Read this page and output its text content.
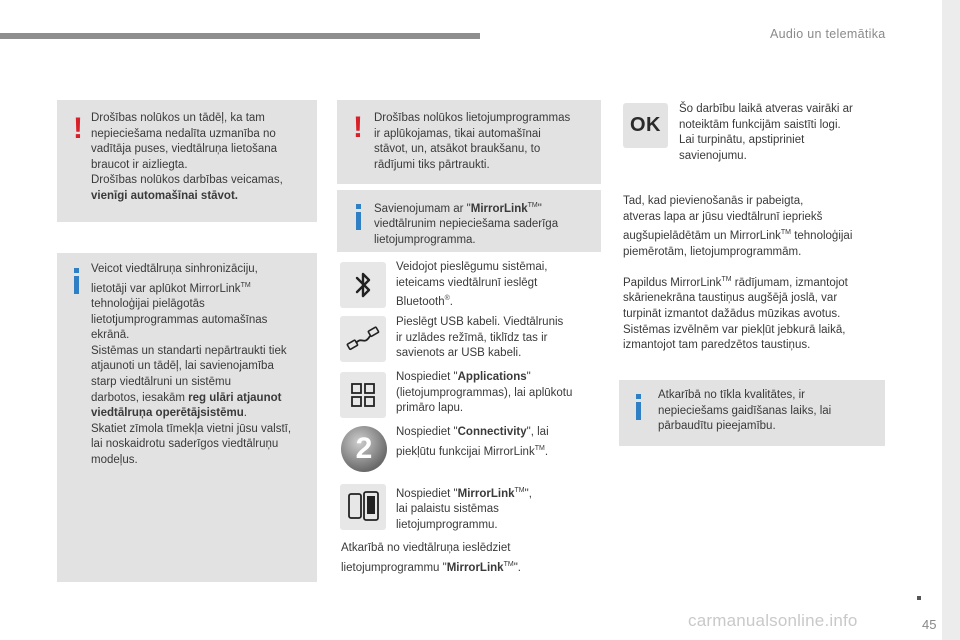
Audio un telemātika
! Drošības nolūkos un tādēļ, ka tam
nepieciešama nedalīta uzmanība no
vadītāja puses, viedtālruņa lietošana
braucot ir aizliegta.
Drošības nolūkos darbības veicamas,
vienīgi automašīnai stāvot.
Veicot viedtālruņa sinhronizāciju,
lietotāji var aplūkot MirrorLink™
tehnoloģijai pielāgotās
lietotjumprogrammas automašīnas
ekrānā.
Sistēmas un standarti nepārtraukti tiek
atjaunoti un tādēļ, lai savienojamība
starp viedtālruni un sistēmu
darbotos, iesakām reg ulāri atjaunot
viedtālruņa operētājsistēmu.
Skatiet zīmola tīmekļa vietni jūsu valstī,
lai noskaidrotu saderīgos viedtālruņu
modeļus.
! Drošības nolūkos lietojumprogrammas
ir aplūkojamas, tikai automašīnai
stāvot, un, atsākot braukšanu, to
rādījumi tiks pārtraukti.
Savienojumam ar "MirrorLink™"
viedtālrunim nepieciešama saderīga
lietojumprogramma.
Veidojot pieslēgumu sistēmai,
ieteicams viedtālrunī ieslēgt
Bluetooth®.
Pieslēgt USB kabeli. Viedtālrunis
ir uzlādes režīmā, tiklīdz tas ir
savienots ar USB kabeli.
Nospiediet "Applications"
(lietojumprogrammas), lai aplūkotu
primāro lapu.
2	Nospiediet "Connectivity", lai
piekļūtu funkcijai MirrorLink™.
Nospiediet "MirrorLink™",
lai palaistu sistēmas
lietojumprogrammu.
Atkarībā no viedtālruņa ieslēdziet
lietojumprogrammu "MirrorLink™".
OK
Šo darbību laikā atveras vairāki ar
noteiktām funkcijām saistīti logi.
Lai turpinātu, apstipriniet
savienojumu.
Tad, kad pievienošanās ir pabeigta,
atveras lapa ar jūsu viedtālrunī iepriekš
augšupielādētām un MirrorLink™ tehnoloģijai
piemērotām, lietojumprogrammām.
Papildus MirrorLink™ rādījumam, izmantojot
skārienekrāna taustiņus augšējā joslā, var
turpināt izmantot dažādus mūzikas avotus.
Sistēmas izvēlnēm var piekļūt jebkurā laikā,
izmantojot tam paredzētos taustiņus.
Atkarībā no tīkla kvalitātes, ir
nepieciešams gaidīšanas laiks, lai
pārbaudītu pieejamību.
carmanualsonline.info	45
